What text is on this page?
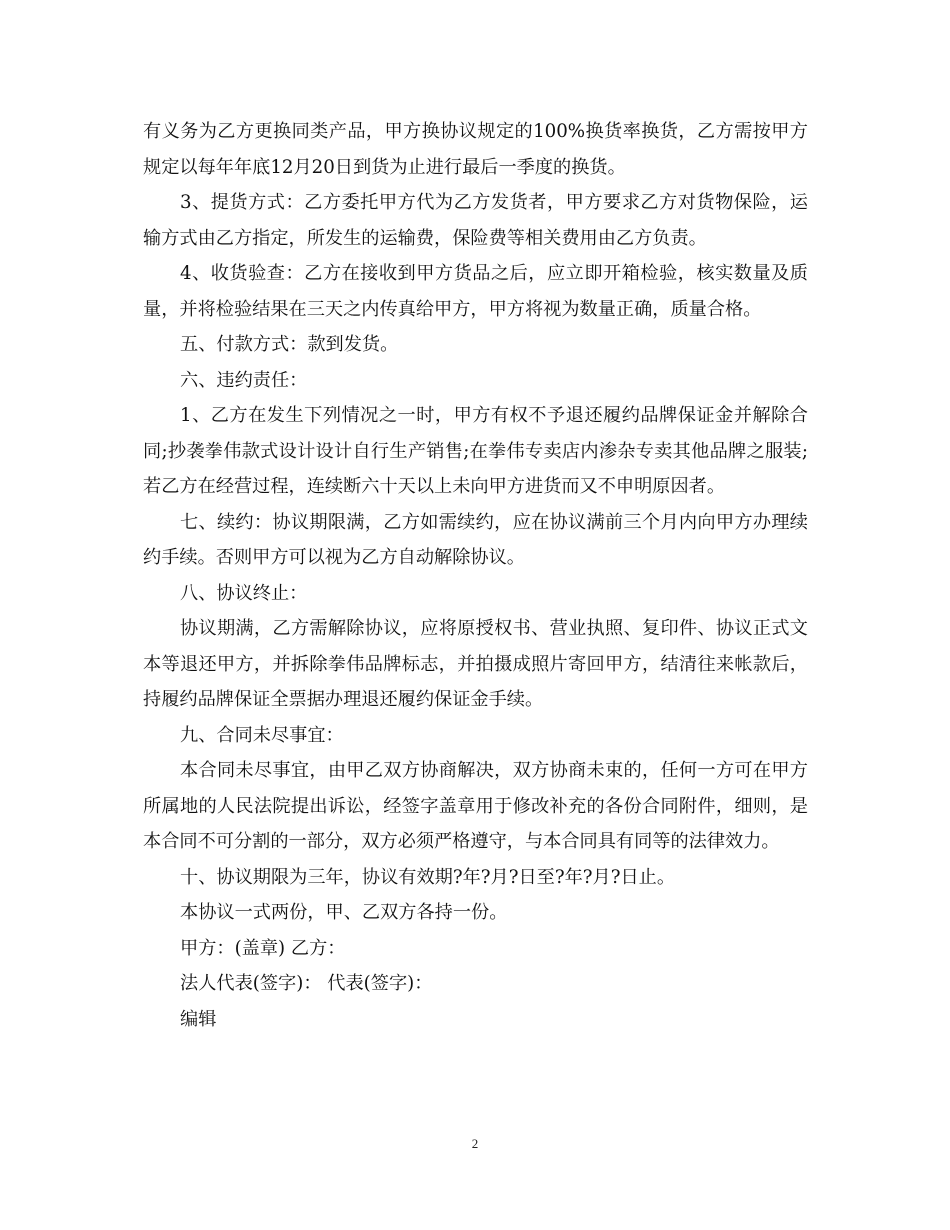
有义务为乙方更换同类产品，甲方换协议规定的100%换货率换货，乙方需按甲方规定以每年年底12月20日到货为止进行最后一季度的换货。

3、提货方式：乙方委托甲方代为乙方发货者，甲方要求乙方对货物保险，运输方式由乙方指定，所发生的运输费，保险费等相关费用由乙方负责。

4、收货验查：乙方在接收到甲方货品之后，应立即开箱检验，核实数量及质量，并将检验结果在三天之内传真给甲方，甲方将视为数量正确，质量合格。

五、付款方式：款到发货。

六、违约责任：

1、乙方在发生下列情况之一时，甲方有权不予退还履约品牌保证金并解除合同;抄袭拳伟款式设计设计自行生产销售;在拳伟专卖店内渗杂专卖其他品牌之服装;若乙方在经营过程，连续断六十天以上未向甲方进货而又不申明原因者。

七、续约：协议期限满，乙方如需续约，应在协议满前三个月内向甲方办理续约手续。否则甲方可以视为乙方自动解除协议。

八、协议终止：

协议期满，乙方需解除协议，应将原授权书、营业执照、复印件、协议正式文本等退还甲方，并拆除拳伟品牌标志，并拍摄成照片寄回甲方，结清往来帐款后，持履约品牌保证全票据办理退还履约保证金手续。

九、合同未尽事宜：

本合同未尽事宜，由甲乙双方协商解决，双方协商未束的，任何一方可在甲方所属地的人民法院提出诉讼，经签字盖章用于修改补充的各份合同附件，细则，是本合同不可分割的一部分，双方必须严格遵守，与本合同具有同等的法律效力。

十、协议期限为三年，协议有效期?年?月?日至?年?月?日止。

本协议一式两份，甲、乙双方各持一份。

甲方：(盖章) 乙方：

法人代表(签字)： 代表(签字)：

编辑

2
